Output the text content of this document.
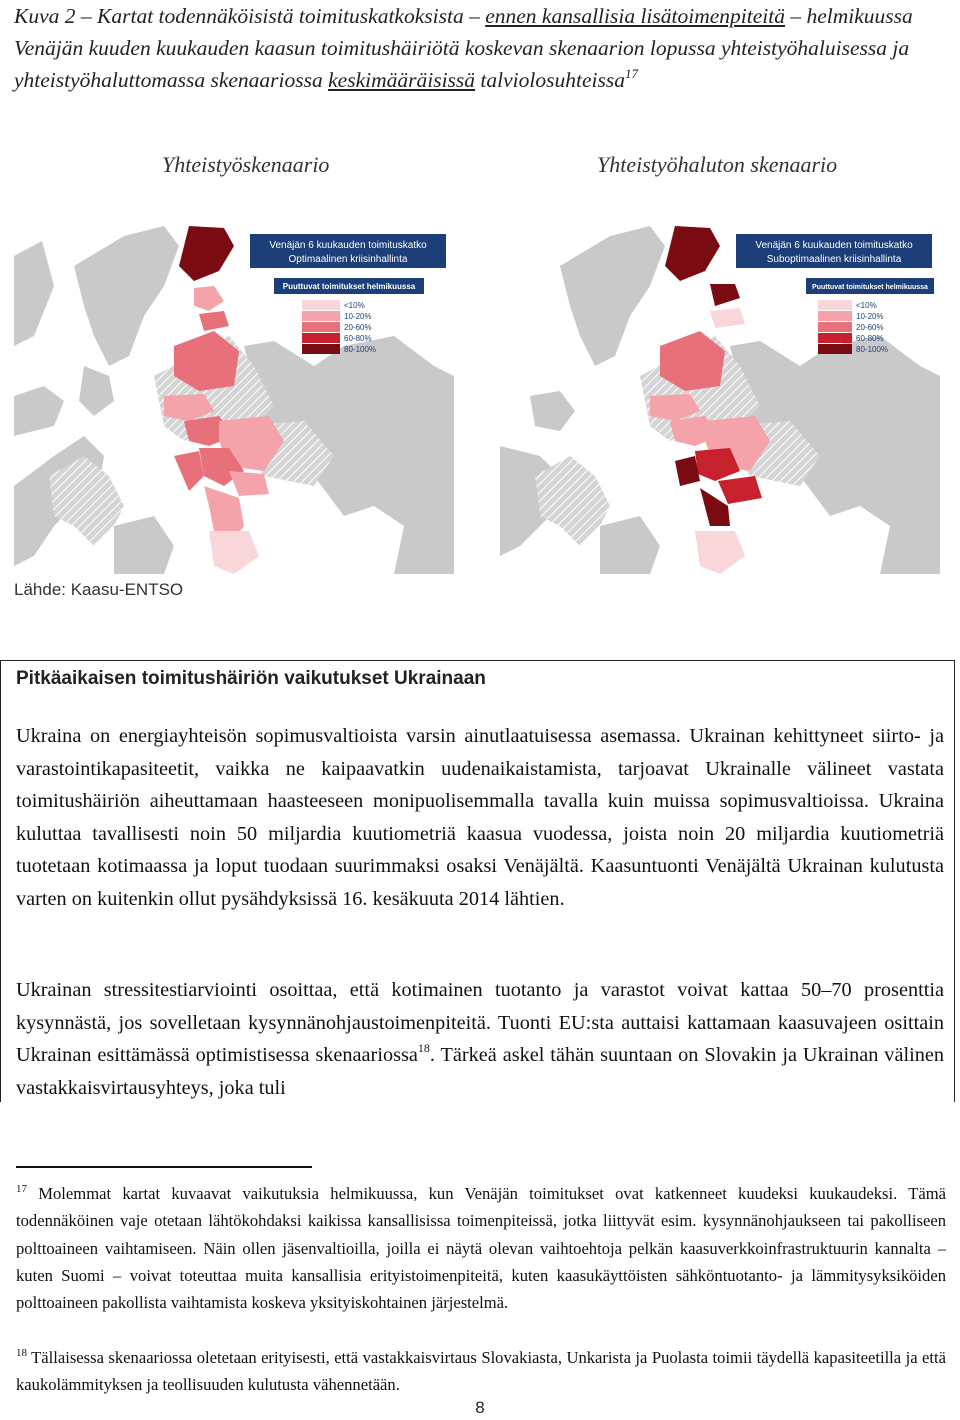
Kuva 2 – Kartat todennäköisistä toimituskatkoksista – ennen kansallisia lisätoimenpiteitä – helmikuussa Venäjän kuuden kuukauden kaasun toimitushäiriötä koskevan skenaarion lopussa yhteistyöhaluisessa ja yhteistyöhaluttomassa skenaariossa keskimääräisissä talviolosuhteissa$^{17}$
Yhteistyöskenaario	Yhteistyöhaluton skenaario
Venäjän 6 kuukauden toimituskatko
Optimaalinen kriisinhallinta
Puuttuvat toimitukset helmikuussa
<10%
10-20%
20-60%
60-80%
80-100%
Venäjän 6 kuukauden toimituskatko
Suboptimaalinen kriisinhallinta
Puuttuvat toimitukset helmikuussa
<10%
10-20%
20-60%
60-80%
80-100%
Lähde: Kaasu-ENTSO
Pitkäaikaisen toimitushäiriön vaikutukset Ukrainaan
Ukraina on energiayhteisön sopimusvaltioista varsin ainutlaatuisessa asemassa. Ukrainan kehittyneet siirto- ja varastointikapasiteetit, vaikka ne kaipaavatkin uudenaikaistamista, tarjoavat Ukrainalle välineet vastata toimitushäiriön aiheuttamaan haasteeseen monipuolisemmalla tavalla kuin muissa sopimusvaltioissa. Ukraina kuluttaa tavallisesti noin 50 miljardia kuutiometriä kaasua vuodessa, joista noin 20 miljardia kuutiometriä tuotetaan kotimaassa ja loput tuodaan suurimmaksi osaksi Venäjältä. Kaasuntuonti Venäjältä Ukrainan kulutusta varten on kuitenkin ollut pysähdyksissä 16. kesäkuuta 2014 lähtien.
Ukrainan stressitestiarviointi osoittaa, että kotimainen tuotanto ja varastot voivat kattaa 50–70 prosenttia kysynnästä, jos sovelletaan kysynnänohjaustoimenpiteitä. Tuonti EU:sta auttaisi kattamaan kaasuvajeen osittain Ukrainan esittämässä optimistisessa skenaariossa$^{18}$. Tärkeä askel tähän suuntaan on Slovakin ja Ukrainan välinen vastakkaisvirtausyhteys, joka tuli
$^{17}$ Molemmat kartat kuvaavat vaikutuksia helmikuussa, kun Venäjän toimitukset ovat katkenneet kuudeksi kuukaudeksi. Tämä todennäköinen vaje otetaan lähtökohdaksi kaikissa kansallisissa toimenpiteissä, jotka liittyvät esim. kysynnänohjaukseen tai pakolliseen polttoaineen vaihtamiseen. Näin ollen jäsenvaltioilla, joilla ei näytä olevan vaihtoehtoja pelkän kaasuverkkoinfrastruktuurin kannalta – kuten Suomi – voivat toteuttaa muita kansallisia erityistoimenpiteitä, kuten kaasukäyttöisten sähköntuotanto- ja lämmitysyksiköiden polttoaineen pakollista vaihtamista koskeva yksityiskohtainen järjestelmä.
$^{18}$ Tällaisessa skenaariossa oletetaan erityisesti, että vastakkaisvirtaus Slovakiasta, Unkarista ja Puolasta toimii täydellä kapasiteetilla ja että kaukolämmityksen ja teollisuuden kulutusta vähennetään.
8
